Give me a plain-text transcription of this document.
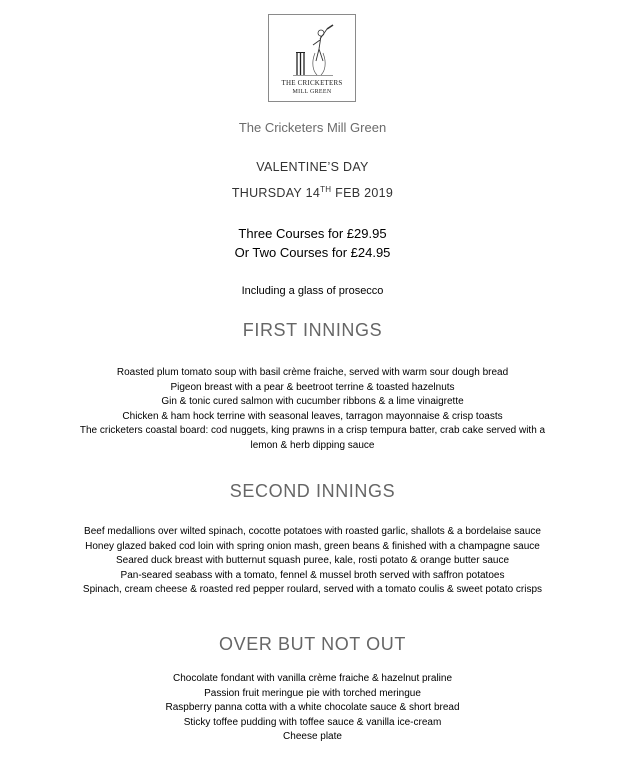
THE CRICKETERS
MILL GREEN
The Cricketers Mill Green
VALENTINE’S DAY
THURSDAY 14TH FEB 2019
Three Courses for £29.95
Or Two Courses for £24.95
Including a glass of prosecco
FIRST INNINGS
Roasted plum tomato soup with basil crème fraiche, served with warm sour dough bread
Pigeon breast with a pear & beetroot terrine & toasted hazelnuts
Gin & tonic cured salmon with cucumber ribbons & a lime vinaigrette
Chicken & ham hock terrine with seasonal leaves, tarragon mayonnaise & crisp toasts
The cricketers coastal board: cod nuggets, king prawns in a crisp tempura batter, crab cake served with a
lemon & herb dipping sauce
SECOND INNINGS
Beef medallions over wilted spinach, cocotte potatoes with roasted garlic, shallots & a bordelaise sauce
Honey glazed baked cod loin with spring onion mash, green beans & finished with a champagne sauce
Seared duck breast with butternut squash puree, kale, rosti potato & orange butter sauce
Pan-seared seabass with a tomato, fennel & mussel broth served with saffron potatoes
Spinach, cream cheese & roasted red pepper roulard, served with a tomato coulis & sweet potato crisps
OVER BUT NOT OUT
Chocolate fondant with vanilla crème fraiche & hazelnut praline
Passion fruit meringue pie with torched meringue
Raspberry panna cotta with a white chocolate sauce & short bread
Sticky toffee pudding with toffee sauce & vanilla ice-cream
Cheese plate
